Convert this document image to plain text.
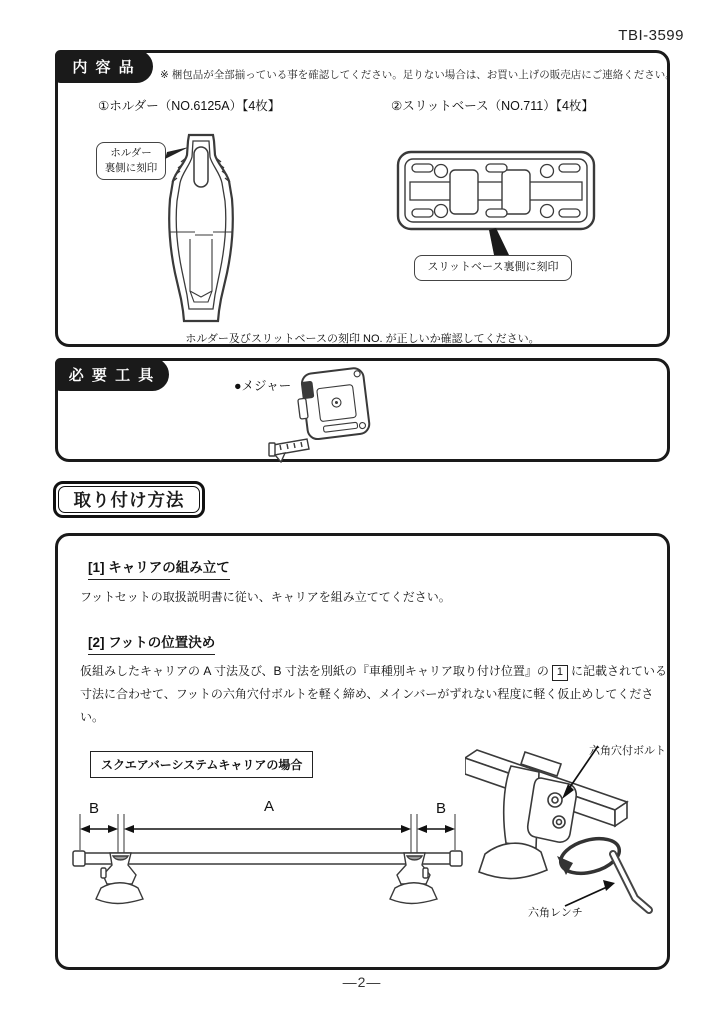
TBI-3599
内 容 品	※ 梱包品が全部揃っている事を確認してください。足りない場合は、お買い上げの販売店にご連絡ください。
①ホルダー（NO.6125A）【4枚】	②スリットベース（NO.711）【4枚】
ホルダー
裏側に刻印
スリットベース裏側に刻印
ホルダー及びスリットベースの刻印 NO. が正しいか確認してください。
必 要 工 具
●メジャー
取り付け方法
[1] キャリアの組み立て
フットセットの取扱説明書に従い、キャリアを組み立ててください。
[2] フットの位置決め
仮組みしたキャリアの A 寸法及び、B 寸法を別紙の『車種別キャリア取り付け位置』の 1 に記載されている寸法に合わせて、フットの六角穴付ボルトを軽く締め、メインバーがずれない程度に軽く仮止めしてください。
スクエアバーシステムキャリアの場合
B	A	B
六角穴付ボルト
六角レンチ
—2—
